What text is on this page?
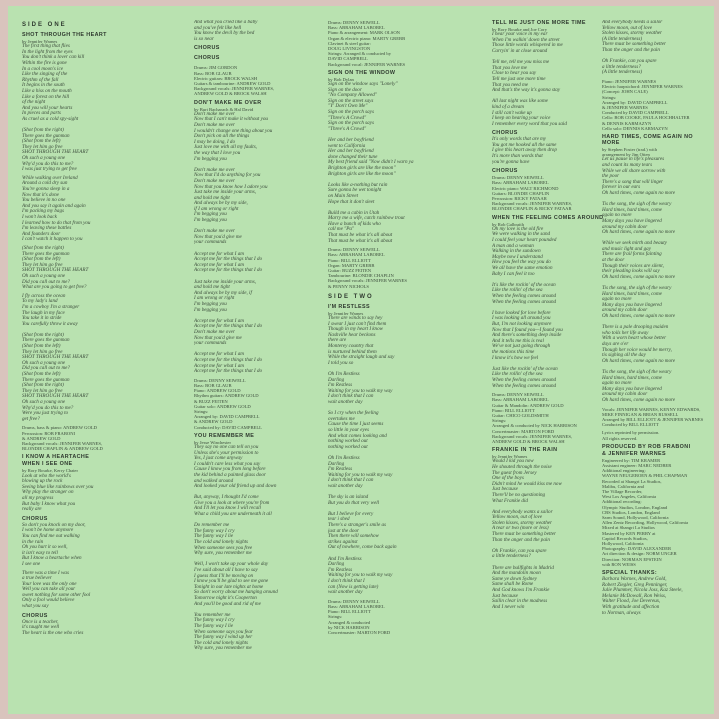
SIDE ONE
SHOT THROUGH THE HEART
by Jennifer Warnes
The first thing that flies
In the light from the eyes
You don't think a lover can kill
Within the fire is gone
In a cool moon's ice
Like the singing of the
Rhythm of the fall
It begins in the south
Like a hiss on the mouth
Like a forest on the hill
of the night
And you will your hearts
In pieces and parts
As cruel as a cold spy-sight

(Shot from the right)
There goes the gunman
(Shot from the left)
They let him go free
SHOT THROUGH THE HEART
Oh such a young one
Why'd you do this to me?
I was just trying to get free
While walking over Ireland
Around a cold dry sun
You're gonna sleep in a
Now that it's done
You believe in no one
And you say it again and again
I'm packing my bags
I won't look back
I learned how to do that from you
I'm leaving these battles
And founders door
I can't watch it happen to you
(Shot from the right)
There goes the gunman
(Shot from the left)
They let him go free
SHOT THROUGH THE HEART
Oh such a young one
Did you call out to me?
What are you going to get free?
I fly across the ocean
To my lady's land
I'm a cowboy I'm a stranger
The laugh in my face
You take it in stride
You carefully throw it away

(Shot from the right)
There goes the gunman
(Shot from the left)
They let him go free
SHOT THROUGH THE HEART
Oh such a young one
Did you call out to me?
(Shot from the left)
There goes the gunman
(Shot from the right)
They let him go free
SHOT THROUGH THE HEART
Oh such a young one
Why'd you do this to me?
Were you just trying to
get free?
Drums, bass & piano: ANDREW GOLD
Percussion: ROB FRABONI
& ANDREW GOLD
Background vocals: JENNIFER WARNES,
BLONDIE CHAPLIN & ANDREW GOLD
I KNOW A HEARTACHE
WHEN I SEE ONE
by Rory Bourke, Kerry Chater
Look at who the world's
blowing up the rock
Seeing blue like rainbows over you
Why play the stranger on
all my progress
But baby I know what you
really are
CHORUS
So don't you knock on my door,
I won't be home anymore
You can find me out walking
in the rain
Oh you hurt it so well,
it isn't easy to tell
But I know a heartache when
I see one
There was a time I was
a true believer
Your love was the only one
Well you can take all your
sweet nothing for some other fool
Only a fool would believe
what you say
CHORUS
Once is a teacher,
it's taught me well
The heart is the one who cries
And what you cried like a baby
and you've felt like hell
You know the devil by the bed
is so near
CHORUS
CHORUS
Drums: JIM GORDON
Bass: BOB GLAUB
Electric guitars: BROCK WALSH
Guitars & tambourine: ANDREW GOLD
Background vocals: JENNIFER WARNES,
ANDREW GOLD & BROCK WALSH
DON'T MAKE ME OVER
by Burt Bacharach & Hal David
Don't make me over
Now that I can't make it without you
Don't make me over
I wouldn't change one thing about you
Don't pick on all the things
I may be doing, I do
Just love me with all my faults,
the way that I love you
I'm begging you

Don't make me over
Now that I'd do anything for you
Don't make me over
Now that you know how I adore you
Just take me inside your arms,
and hold me tight
And always be by my side,
if I am wrong or right
I'm begging you
I'm begging you

Don't make me over
Now that you'd give me
your commands

Accept me for what I am
Accept me for the things that I do
Accept me for what I am
Accept me for the things that I do

Just take me inside your arms,
and hold me tight
And always be by my side, if
I am wrong or right
I'm begging you
I'm begging you

Accept me for what I am
Accept me for the things that I do
Don't make me over
Now that you'd give me
your commands

Accept me for what I am
Accept me for the things that I do
Accept me for what I am
Accept me for the things that I do
Drums: DENNY SEIWELL
Bass: BOB GLAUB
Piano: ANDREW GOLD
Rhythm guitars: ANDREW GOLD
& BUZZ FEITEN
Guitar solo: ANDREW GOLD
Strings:
Arranged by: DAVID CAMPBELL
& ANDREW GOLD
Conducted by: DAVID CAMPBELL
YOU REMEMBER ME
by Jesse Winchester
They say no one can tell on you
Unless she's your permission to
Yes, I just come anyway
I couldn't care less what you say
Cause I know you from long before
the kid behind a painted glass door
and walked around
And looked your old friend up and down

But, anyway, I thought I'd come
Give you a look at where you're from
And I'll let you know I will recall
What a child you are underneath it all

Do remember me
The funny way I cry
The funny way I lie
The cold and lonely nights
When someone sees you free
Why sure, you remember me

Well, I won't take up your whole day
I've said about all I have to say
I guess that I'll be moving on
I know you'll be glad to see me gone
Tonight in our late nights at home
So don't worry about me hanging around
Tomorrow night it's Cooperton
And you'll be good and rid of me

You remember me
The funny way I cry
The funny way I lie
When someone says you fear
The funny way I wind up her
The cold and lonely nights
Why sure, you remember me
Drums: DENNY SEIWELL
Bass: ABRAHAM LABOREL
Piano & arrangement: MARK OLSON
Organ & electric piano: MARTY GREBB
Clavinet & steel guitar:
DOUG LIVINGSTON
Strings: Arranged & conducted by
DAVID CAMPBELL
Background vocal: JENNIFER WARNES
SIGN ON THE WINDOW
by Bob Dylan
Sign on the window says "Lonely"
Sign on the door
"No Company Allowed"
Sign on the street says
"Y' Don't Own Me"
Sign on the porch says
"Three's A Crowd"
Sign on the porch says
"Three's A Crowd"

Her and her boyfriend
went to California
Her and her boyfriend
done changed their tune
My best friend said "Now didn't I warn ya
Brighton girls are like the moon"
Brighton girls are like the moon"

Looks like a-nothing but rain
Sure gonna be wet tonight
on Main Street
Hope that it don't sleet

Build me a cabin in Utah
Marry me a wife, catch rainbow trout
Have a bunch of kids who
call me "Pa"
That must be what it's all about
That must be what it's all about
Drums: DENNY SEIWELL
Bass: ABRAHAM LABOREL
Piano: BILL ELLIOTT
Organ: MARTY GREBB
Guitar: BUZZ FEITEN
Tambourine: BLONDIE CHAPLIN
Background vocals: JENNIFER WARNES
& PENNY NICHOLS
SIDE TWO
I'M RESTLESS
by Jennifer Warnes
There are winds to say hey
I swear I just can't find them
Though in my heart I know
Nashville hear beckons
there are
Monterey country that
is nurtured behind them
While the straight laugh and say
I told you so

Oh I'm Restless
Darling
I'm Restless
Waiting for you to walk my way
I don't think that I can
wait another day

So I cry when the feeling
overtakes me
Cause the time I just seems
so little in your eyes
And what comes looking and
nothing worked out
nothing worked out

Oh I'm Restless
Darling
I'm Restless
Waiting for you to walk my way
I don't think that I can
wait another day

The sky is an island
But you do that very well

But I believe for every
tear i shed
There's a stranger's smile as
just at the door
Then there will somehow
strikes against
Out of nowhere, come back again

And I'm Restless
Darling
I'm Restless
Waiting for you to walk my way
I don't think that I
can (Now is getting late)
wait another day
Drums: DENNY SEIWELL
Bass: ABRAHAM LABOREL
Piano: BILL ELLIOTT
Strings:
Arranged & conducted
by NICK HARRISON
Concertmaster: MARTON FORD
TELL ME JUST ONE MORE TIME
by Rory Bourke and Joe Cory
I hear your voice in my ear
When I'm walkin' down the street
Those little words whispered in me
Carryin' in at close around

Tell me, tell me you miss me
That you love me
Close to hear you say
Tell me just one more time
That you need me
And that's the way it's gonna stay

All last night was like some
kind of a dream
I still can't wake up
I keep on hearing your voice
I remember every word that you said
CHORUS
It's only words that are my
You got me hooked all the same
I give this heart away then drop
It's more than words that
you're gonna have
CHORUS
Drums: DENNY SEIWELL
Bass: ABRAHAM LABOREL
Electric piano: WALT RICHMOND
Guitars: BLONDIE CHAPLIN
Percussion: RICKY FATAAR
Background vocals: JENNIFER WARNES,
BLONDIE CHAPLIN & RICKY FATAAR
WHEN THE FEELING COMES AROUND
by Rob Galbraith
Oh my love is the old fire
We were walking in the sand
I could feel your heart pounded
A man and a woman
Walking in the sundown
Maybe now I understand
How you feel the way you do
We all have the same emotion
Baby I can feel it too

It's like the rockin' of the ocean
Like the rollin' of the sea
When the feeling comes around
When the feeling comes around

I have looked for love before
I was looking all around you
But, I'm not looking anymore
Now that I found you—I found you
And there's something deep inside
And it tells me this is real
We've not just going through
the motions this time
I know it's how we feel

Just like the rockin' of the ocean
Like the rollin' of the sea
When the feeling comes around
When the feeling comes around
Drums: DENNY SEIWELL
Bass: ABRAHAM LABOREL
Guitar & Mandolin: ANDREW GOLD
Piano: BILL ELLIOTT
Guitar: CHICO GOLDSMITH
Strings:
Arranged & conducted by NICK HARRISON
Concertmaster: MARTON FORD
Background vocals: JENNIFER WARNES,
ANDREW GOLD & BROCK WALSH
FRANKIE IN THE RAIN
by Jennifer Warnes
Would I kid you now
He shouted through the noise
The guest from Jersey
One of the boys
Didn't mind he would kiss me now
Just because
There'll be no questioning
What Frankie did

And everybody wants a sailor
Yellow moon, out of love
Stolen kisses, stormy weather
A tear or two (more or less)
There must be something better
Than the anger and the pain

Oh Frankie, can you spare
a little tenderness?

There are bullfights in Madrid
And the mandolin moon
Same ye down Sydney
Same shall be Rome
And God knows I'm Frankie
Just because
Sailin clear in the madness
And I never win
And everybody needs a sailor
Yellow moon, out of love
Stolen kisses, stormy weather
(A little tenderness)
There must be something better
Than the anger and the pain

Oh Frankie, can you spare
a little tenderness?
(A little tenderness)
Piano: JENNIFER WARNES
Electric harpsichord: JENNIFER WARNES
(Concept: JOHN CALE)
Strings:
Arranged by: DAVID CAMPBELL
& JENNIFER WARNES
Conducted by DAVID CAMPBELL
Cello: BOB COOKE, PAULA HOCHHALTER
& DENNIS KARMAZYN
Cello solo: DENNIS KARMAZYN
HARD TIMES, COME AGAIN NO MORE
by Stephen Foster (trad.) with
arrangement by Jim Otten
Let us pause in life's pleasures
and count its many tears
While we all share sorrow with
the poor
There's a song that will linger
forever in our ears
Oh hard times, come again no more

Tis the song, the sigh of the weary
Hard times, hard times, come
again no more
Many days you have lingered
around my cabin door
Oh hard times, come again no more

While we seek mirth and beauty
and music light and gay
There are frail forms fainting
at the door
Though their voices are silent,
their pleading looks will say
Oh hard times, come again no more

Tis the song, the sigh of the weary
Hard times, hard times, come
again no more
Many days you have lingered
around my cabin door
Oh hard times, come again no more

There is a pale drooping maiden
who toils her life away
With a worn heart whose better
days are o'er
Though her voice would be merry,
tis sighing all the day
Oh hard times, come again no more

Tis the song, the sigh of the weary
Hard times, hard times, come
again no more
Many days you have lingered
around my cabin door
Oh hard times, come again no more
Vocals: JENNIFER WARNES, KENNY EDWARDS,
MIKE FINNIGAN & BRIAN RUSSELL
Arranged by BILL ELLIOTT & JENNIFER WARNES
Conducted by BILL ELLIOTT
Lyrics reprinted by permission.
All rights reserved.
PRODUCED BY ROB FRABONI
& JENNIFER WARNES
Engineered by: TIM KRAMER
Assistant engineer: MARC NEDBER
Additional engineering:
WAYNE NEUGEBOEN & PHIL CHAPMAN
Recorded at Shangri La Studios,
Malibu, California and
The Village Recorder,
West Los Angeles, California
Additional recording:
Olympic Studios, London, England
CBS Studios, London, England
Sarm Sound, Hollywood, California
Allen Zentz Recording, Hollywood, California
Mixed at Shangri La Studios
Mastered by KEN PERRY at
Capitol Records Studios,
Hollywood, California
Photography: DAVID ALEXANDER
Art direction & design: NORM UNGER
Direction: NORMAN EPSTEIN
with RON WEISS
SPECIAL THANKS:
Barbara Warnes, Andrew Gold,
Robert Ziegler, Greg Penninger,
Julie Plummer, Nicola Joss, Kaz Steele,
Melanie McDowall, Ron Weiss,
Walter Flood, Joe Devereux,
With gratitude and affection
to Norman, always
